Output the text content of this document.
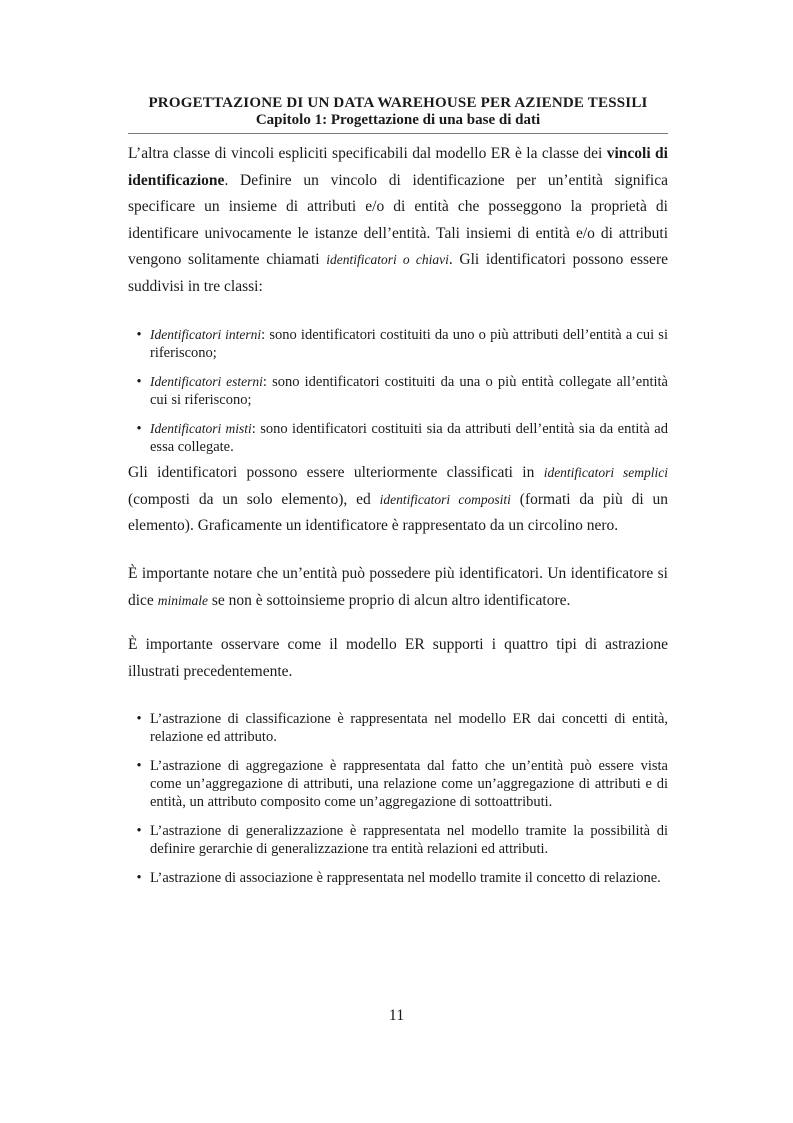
PROGETTAZIONE DI UN DATA WAREHOUSE PER AZIENDE TESSILI
Capitolo 1: Progettazione di una base di dati

L’altra classe di vincoli espliciti specificabili dal modello ER è la classe dei vincoli di identificazione. Definire un vincolo di identificazione per un’entità significa specificare un insieme di attributi e/o di entità che posseggono la proprietà di identificare univocamente le istanze dell’entità. Tali insiemi di entità e/o di attributi vengono solitamente chiamati identificatori o chiavi. Gli identificatori possono essere suddivisi in tre classi:

• Identificatori interni: sono identificatori costituiti da uno o più attributi dell’entità a cui si riferiscono;
• Identificatori esterni: sono identificatori costituiti da una o più entità collegate all’entità cui si riferiscono;
• Identificatori misti: sono identificatori costituiti sia da attributi dell’entità sia da entità ad essa collegate.

Gli identificatori possono essere ulteriormente classificati in identificatori semplici (composti da un solo elemento), ed identificatori compositi (formati da più di un elemento). Graficamente un identificatore è rappresentato da un circolino nero.

È importante notare che un’entità può possedere più identificatori. Un identificatore si dice minimale se non è sottoinsieme proprio di alcun altro identificatore.

È importante osservare come il modello ER supporti i quattro tipi di astrazione illustrati precedentemente.

• L’astrazione di classificazione è rappresentata nel modello ER dai concetti di entità, relazione ed attributo.
• L’astrazione di aggregazione è rappresentata dal fatto che un’entità può essere vista come un’aggregazione di attributi, una relazione come un’aggregazione di attributi e di entità, un attributo composito come un’aggregazione di sottoattributi.
• L’astrazione di generalizzazione è rappresentata nel modello tramite la possibilità di definire gerarchie di generalizzazione tra entità relazioni ed attributi.
• L’astrazione di associazione è rappresentata nel modello tramite il concetto di relazione.
11
